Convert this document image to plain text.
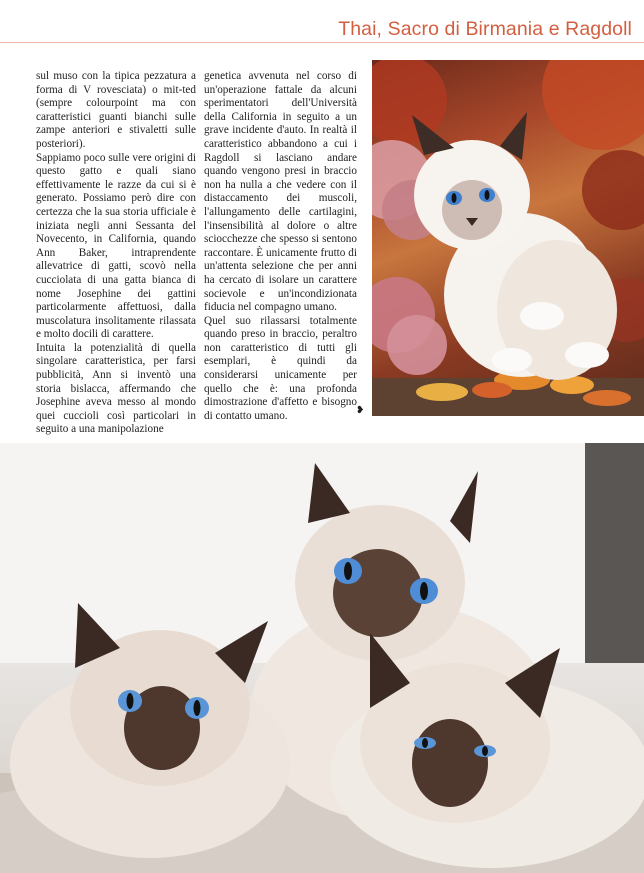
Thai, Sacro di Birmania e Ragdoll

sul muso con la tipica pezzatura a forma di V rovesciata) o mit-ted (sempre colourpoint ma con caratteristici guanti bianchi sulle zampe anteriori e stivaletti sulle posteriori).

Sappiamo poco sulle vere origini di questo gatto e quali siano effettivamente le razze da cui si è generato. Possiamo però dire con certezza che la sua storia ufficiale è iniziata negli anni Sessanta del Novecento, in California, quando Ann Baker, intraprendente allevatrice di gatti, scovò nella cucciolata di una gatta bianca di nome Josephine dei gattini particolarmente affettuosi, dalla muscolatura insolitamente rilassata e molto docili di carattere.

Intuita la potenzialità di quella singolare caratteristica, per farsi pubblicità, Ann si inventò una storia bislacca, affermando che Josephine aveva messo al mondo quei cuccioli così particolari in seguito a una manipolazione

genetica avvenuta nel corso di un'operazione fattale da alcuni sperimentatori dell'Università della California in seguito a un grave incidente d'auto. In realtà il caratteristico abbandono a cui i Ragdoll si lasciano andare quando vengono presi in braccio non ha nulla a che vedere con il distaccamento dei muscoli, l'allungamento delle cartilagini, l'insensibilità al dolore o altre sciocchezze che spesso si sentono raccontare. È unicamente frutto di un'attenta selezione che per anni ha cercato di isolare un carattere socievole e un'incondizionata fiducia nel compagno umano.

Quel suo rilassarsi totalmente quando preso in braccio, peraltro non caratteristico di tutti gli esemplari, è quindi da considerarsi unicamente per quello che è: una profonda dimostrazione d'affetto e bisogno di contatto umano.	❥
